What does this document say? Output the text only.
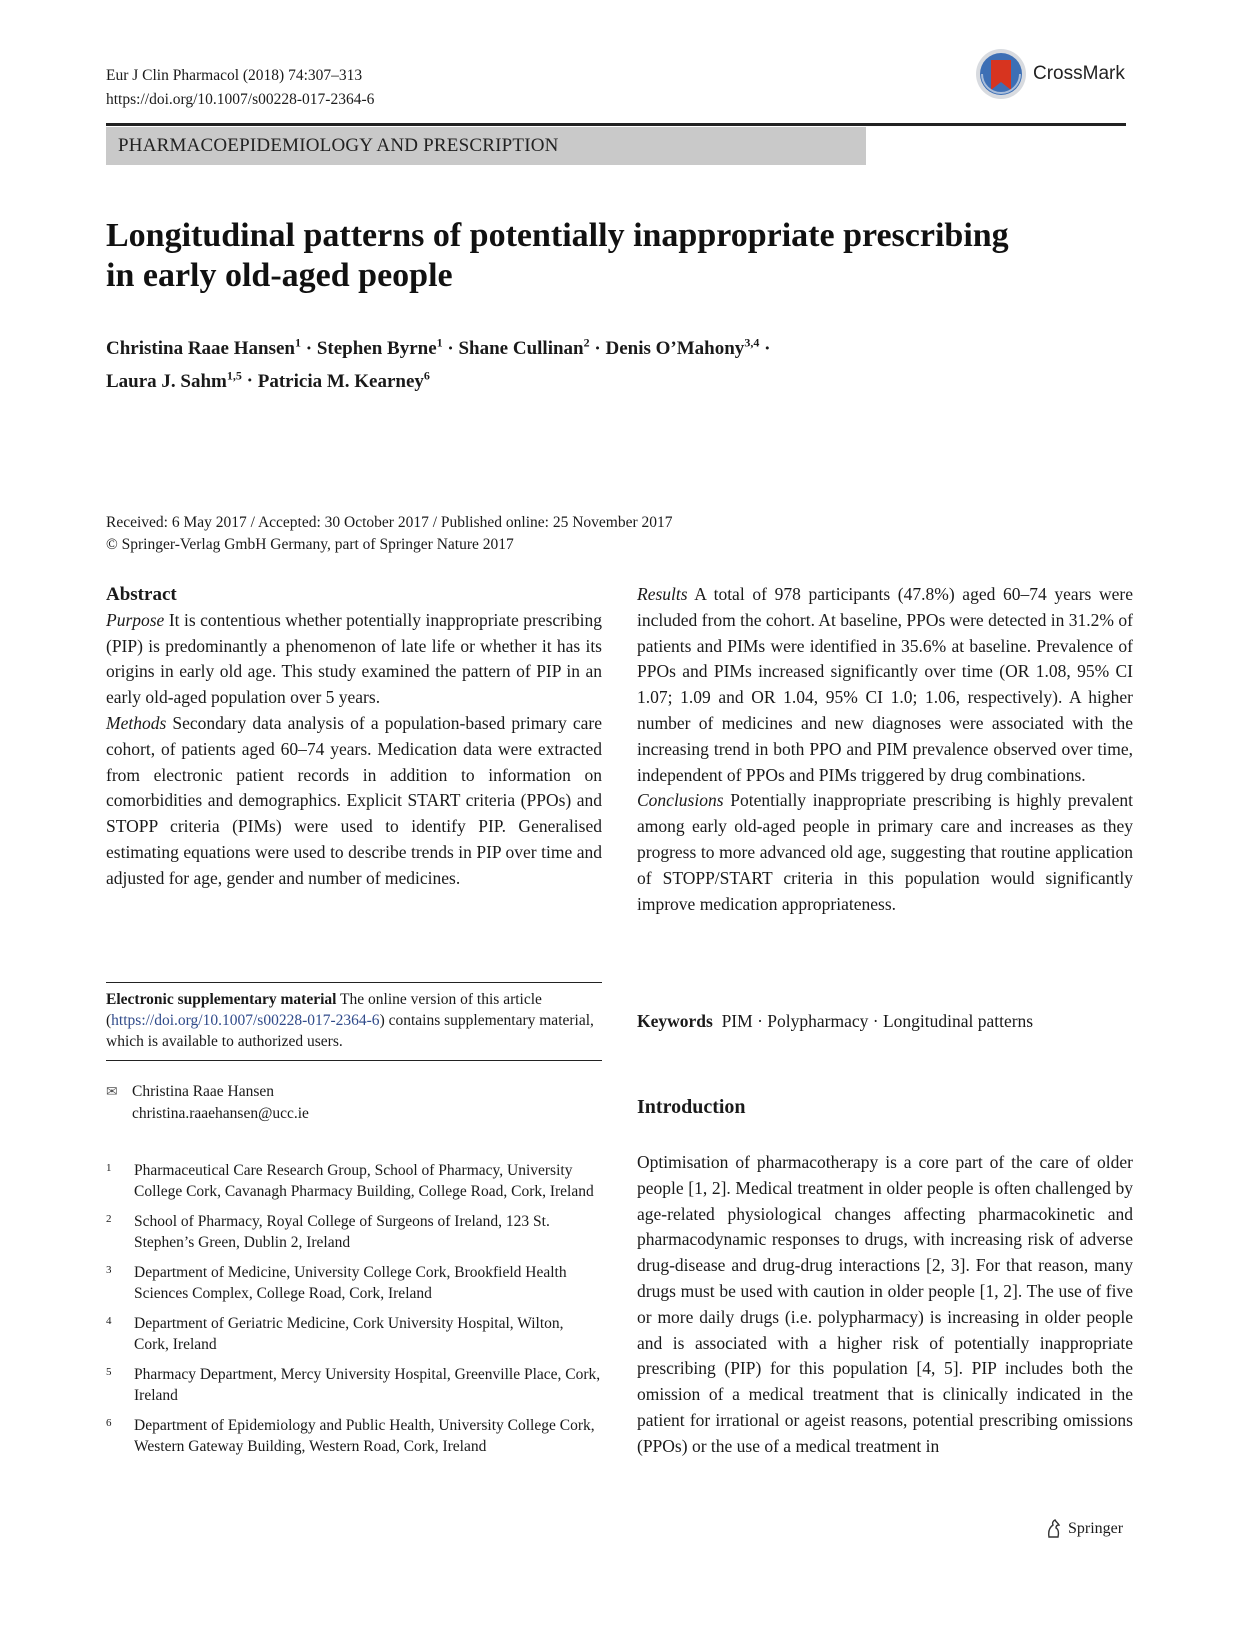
Eur J Clin Pharmacol (2018) 74:307–313
https://doi.org/10.1007/s00228-017-2364-6
CrossMark
PHARMACOEPIDEMIOLOGY AND PRESCRIPTION
Longitudinal patterns of potentially inappropriate prescribing
in early old-aged people
Christina Raae Hansen$^1$ · Stephen Byrne$^1$ · Shane Cullinan$^2$ · Denis O’Mahony$^{3,4}$ ·
Laura J. Sahm$^{1,5}$ · Patricia M. Kearney$^6$
Received: 6 May 2017 / Accepted: 30 October 2017 / Published online: 25 November 2017
© Springer-Verlag GmbH Germany, part of Springer Nature 2017
Abstract

Purpose It is contentious whether potentially inappropriate prescribing (PIP) is predominantly a phenomenon of late life or whether it has its origins in early old age. This study examined the pattern of PIP in an early old-aged population over 5 years.

Methods Secondary data analysis of a population-based primary care cohort, of patients aged 60–74 years. Medication data were extracted from electronic patient records in addition to information on comorbidities and demographics. Explicit START criteria (PPOs) and STOPP criteria (PIMs) were used to identify PIP. Generalised estimating equations were used to describe trends in PIP over time and adjusted for age, gender and number of medicines.

Results A total of 978 participants (47.8%) aged 60–74 years were included from the cohort. At baseline, PPOs were detected in 31.2% of patients and PIMs were identified in 35.6% at baseline. Prevalence of PPOs and PIMs increased significantly over time (OR 1.08, 95% CI 1.07; 1.09 and OR 1.04, 95% CI 1.0; 1.06, respectively). A higher number of medicines and new diagnoses were associated with the increasing trend in both PPO and PIM prevalence observed over time, independent of PPOs and PIMs triggered by drug combinations.

Conclusions Potentially inappropriate prescribing is highly prevalent among early old-aged people in primary care and increases as they progress to more advanced old age, suggesting that routine application of STOPP/START criteria in this population would significantly improve medication appropriateness.

Electronic supplementary material The online version of this article (https://doi.org/10.1007/s00228-017-2364-6) contains supplementary material, which is available to authorized users.
✉ Christina Raae Hansen
christina.raaehansen@ucc.ie
1	Pharmaceutical Care Research Group, School of Pharmacy, University College Cork, Cavanagh Pharmacy Building, College Road, Cork, Ireland
2	School of Pharmacy, Royal College of Surgeons of Ireland, 123 St. Stephen’s Green, Dublin 2, Ireland
3	Department of Medicine, University College Cork, Brookfield Health Sciences Complex, College Road, Cork, Ireland
4	Department of Geriatric Medicine, Cork University Hospital, Wilton, Cork, Ireland
5	Pharmacy Department, Mercy University Hospital, Greenville Place, Cork, Ireland
6	Department of Epidemiology and Public Health, University College Cork, Western Gateway Building, Western Road, Cork, Ireland
Keywords PIM · Polypharmacy · Longitudinal patterns
Introduction
Optimisation of pharmacotherapy is a core part of the care of older people [1, 2]. Medical treatment in older people is often challenged by age-related physiological changes affecting pharmacokinetic and pharmacodynamic responses to drugs, with increasing risk of adverse drug-disease and drug-drug interactions [2, 3]. For that reason, many drugs must be used with caution in older people [1, 2]. The use of five or more daily drugs (i.e. polypharmacy) is increasing in older people and is associated with a higher risk of potentially inappropriate prescribing (PIP) for this population [4, 5]. PIP includes both the omission of a medical treatment that is clinically indicated in the patient for irrational or ageist reasons, potential prescribing omissions (PPOs) or the use of a medical treatment in
Springer
